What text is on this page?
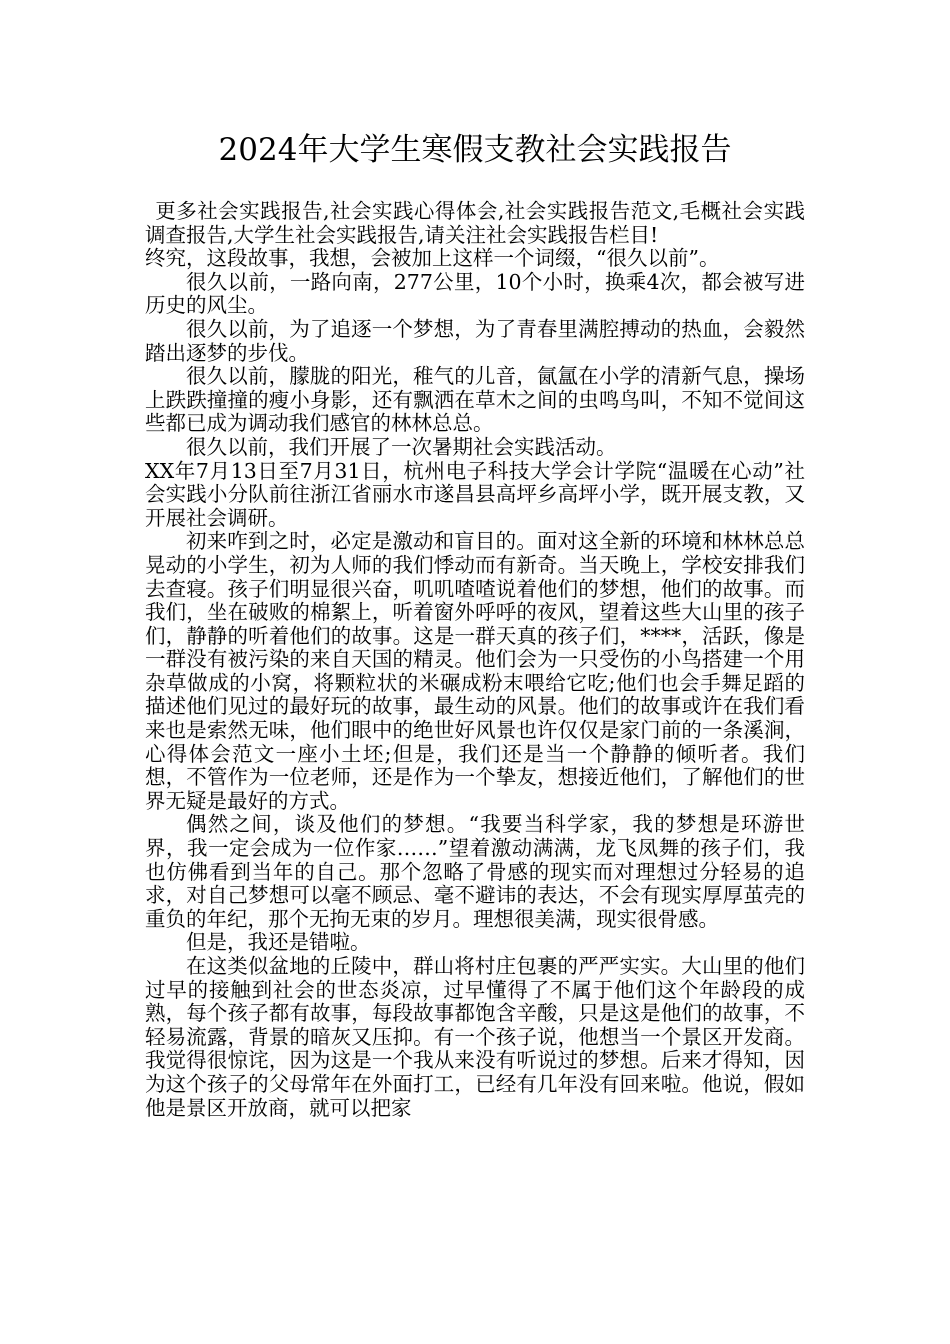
2024年大学生寒假支教社会实践报告

更多社会实践报告,社会实践心得体会,社会实践报告范文,毛概社会实践调查报告,大学生社会实践报告,请关注社会实践报告栏目!

终究，这段故事，我想，会被加上这样一个词缀，“很久以前”。

很久以前，一路向南，277公里，10个小时，换乘4次，都会被写进历史的风尘。

很久以前，为了追逐一个梦想，为了青春里满腔搏动的热血，会毅然踏出逐梦的步伐。

很久以前，朦胧的阳光，稚气的儿音，氤氲在小学的清新气息，操场上跌跌撞撞的瘦小身影，还有飘洒在草木之间的虫鸣鸟叫，不知不觉间这些都已成为调动我们感官的林林总总。

很久以前，我们开展了一次暑期社会实践活动。

XX年7月13日至7月31日，杭州电子科技大学会计学院“温暖在心动”社会实践小分队前往浙江省丽水市遂昌县高坪乡高坪小学，既开展支教，又开展社会调研。

初来咋到之时，必定是激动和盲目的。面对这全新的环境和林林总总晃动的小学生，初为人师的我们悸动而有新奇。当天晚上，学校安排我们去查寝。孩子们明显很兴奋，叽叽喳喳说着他们的梦想，他们的故事。而我们，坐在破败的棉絮上，听着窗外呼呼的夜风，望着这些大山里的孩子们，静静的听着他们的故事。这是一群天真的孩子们，****，活跃，像是一群没有被污染的来自天国的精灵。他们会为一只受伤的小鸟搭建一个用杂草做成的小窝，将颗粒状的米碾成粉末喂给它吃;他们也会手舞足蹈的描述他们见过的最好玩的故事，最生动的风景。他们的故事或许在我们看来也是索然无味，他们眼中的绝世好风景也许仅仅是家门前的一条溪涧，心得体会范文一座小土坯;但是，我们还是当一个静静的倾听者。我们想，不管作为一位老师，还是作为一个挚友，想接近他们，了解他们的世界无疑是最好的方式。

偶然之间，谈及他们的梦想。“我要当科学家，我的梦想是环游世界，我一定会成为一位作家……”望着激动满满，龙飞凤舞的孩子们，我也仿佛看到当年的自己。那个忽略了骨感的现实而对理想过分轻易的追求，对自己梦想可以毫不顾忌、毫不避讳的表达，不会有现实厚厚茧壳的重负的年纪，那个无拘无束的岁月。理想很美满，现实很骨感。

但是，我还是错啦。

在这类似盆地的丘陵中，群山将村庄包裹的严严实实。大山里的他们过早的接触到社会的世态炎凉，过早懂得了不属于他们这个年龄段的成熟，每个孩子都有故事，每段故事都饱含辛酸，只是这是他们的故事，不轻易流露，背景的暗灰又压抑。有一个孩子说，他想当一个景区开发商。我觉得很惊诧，因为这是一个我从来没有听说过的梦想。后来才得知，因为这个孩子的父母常年在外面打工，已经有几年没有回来啦。他说，假如他是景区开放商，就可以把家
